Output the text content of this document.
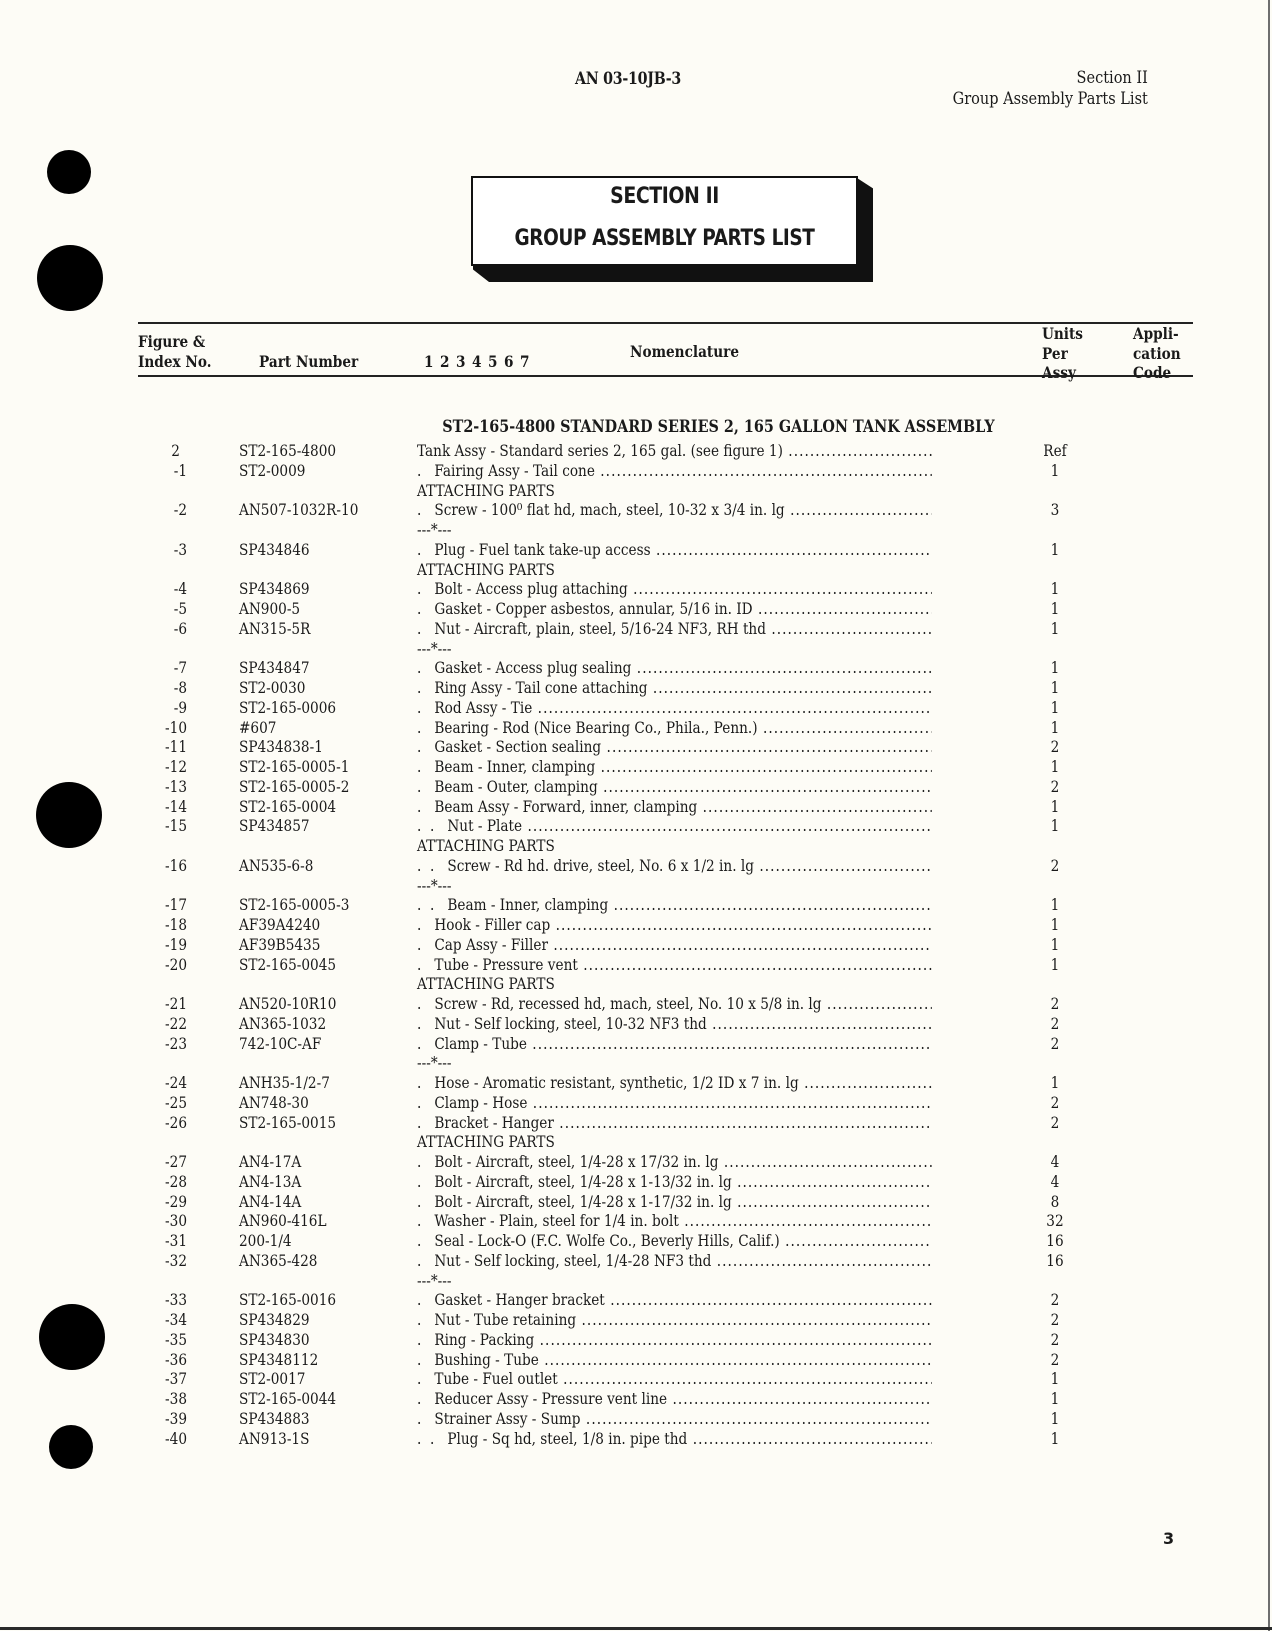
AN 03-10JB-3	Section II
Group Assembly Parts List
SECTION II
GROUP ASSEMBLY PARTS LIST
Figure &
Index No.	Part Number	1 2 3 4 5 6 7
Nomenclature
Units
Per
Assy
Appli-
cation
Code
ST2-165-4800 STANDARD SERIES 2, 165 GALLON TANK ASSEMBLY
2	ST2-165-4800	Tank Assy - Standard series 2, 165 gal. (see figure 1) .....	Ref
-1	ST2-0009	.   Fairing Assy - Tail cone .....	1
ATTACHING PARTS
-2	AN507-1032R-10	.   Screw - 100⁰ flat hd, mach, steel, 10-32 x 3/4 in. lg .....	3
---*---
-3	SP434846	.   Plug - Fuel tank take-up access .....	1
ATTACHING PARTS
-4	SP434869	.   Bolt - Access plug attaching .....	1
-5	AN900-5	.   Gasket - Copper asbestos, annular, 5/16 in. ID .....	1
-6	AN315-5R	.   Nut - Aircraft, plain, steel, 5/16-24 NF3, RH thd .....	1
---*---
-7	SP434847	.   Gasket - Access plug sealing .....	1
-8	ST2-0030	.   Ring Assy - Tail cone attaching .....	1
-9	ST2-165-0006	.   Rod Assy - Tie .....	1
-10	#607	.   Bearing - Rod (Nice Bearing Co., Phila., Penn.) .....	1
-11	SP434838-1	.   Gasket - Section sealing .....	2
-12	ST2-165-0005-1	.   Beam - Inner, clamping .....	1
-13	ST2-165-0005-2	.   Beam - Outer, clamping .....	2
-14	ST2-165-0004	.   Beam Assy - Forward, inner, clamping .....	1
-15	SP434857	.  .   Nut - Plate .....	1
ATTACHING PARTS
-16	AN535-6-8	.  .   Screw - Rd hd. drive, steel, No. 6 x 1/2 in. lg .....	2
---*---
-17	ST2-165-0005-3	.  .   Beam - Inner, clamping .....	1
-18	AF39A4240	.   Hook - Filler cap .....	1
-19	AF39B5435	.   Cap Assy - Filler .....	1
-20	ST2-165-0045	.   Tube - Pressure vent .....	1
ATTACHING PARTS
-21	AN520-10R10	.   Screw - Rd, recessed hd, mach, steel, No. 10 x 5/8 in. lg .....	2
-22	AN365-1032	.   Nut - Self locking, steel, 10-32 NF3 thd .....	2
-23	742-10C-AF	.   Clamp - Tube .....	2
---*---
-24	ANH35-1/2-7	.   Hose - Aromatic resistant, synthetic, 1/2 ID x 7 in. lg .....	1
-25	AN748-30	.   Clamp - Hose .....	2
-26	ST2-165-0015	.   Bracket - Hanger .....	2
ATTACHING PARTS
-27	AN4-17A	.   Bolt - Aircraft, steel, 1/4-28 x 17/32 in. lg .....	4
-28	AN4-13A	.   Bolt - Aircraft, steel, 1/4-28 x 1-13/32 in. lg .....	4
-29	AN4-14A	.   Bolt - Aircraft, steel, 1/4-28 x 1-17/32 in. lg .....	8
-30	AN960-416L	.   Washer - Plain, steel for 1/4 in. bolt .....	32
-31	200-1/4	.   Seal - Lock-O (F.C. Wolfe Co., Beverly Hills, Calif.) .....	16
-32	AN365-428	.   Nut - Self locking, steel, 1/4-28 NF3 thd .....	16
---*---
-33	ST2-165-0016	.   Gasket - Hanger bracket .....	2
-34	SP434829	.   Nut - Tube retaining .....	2
-35	SP434830	.   Ring - Packing .....	2
-36	SP4348112	.   Bushing - Tube .....	2
-37	ST2-0017	.   Tube - Fuel outlet .....	1
-38	ST2-165-0044	.   Reducer Assy - Pressure vent line .....	1
-39	SP434883	.   Strainer Assy - Sump .....	1
-40	AN913-1S	.  .   Plug - Sq hd, steel, 1/8 in. pipe thd .....	1
3
